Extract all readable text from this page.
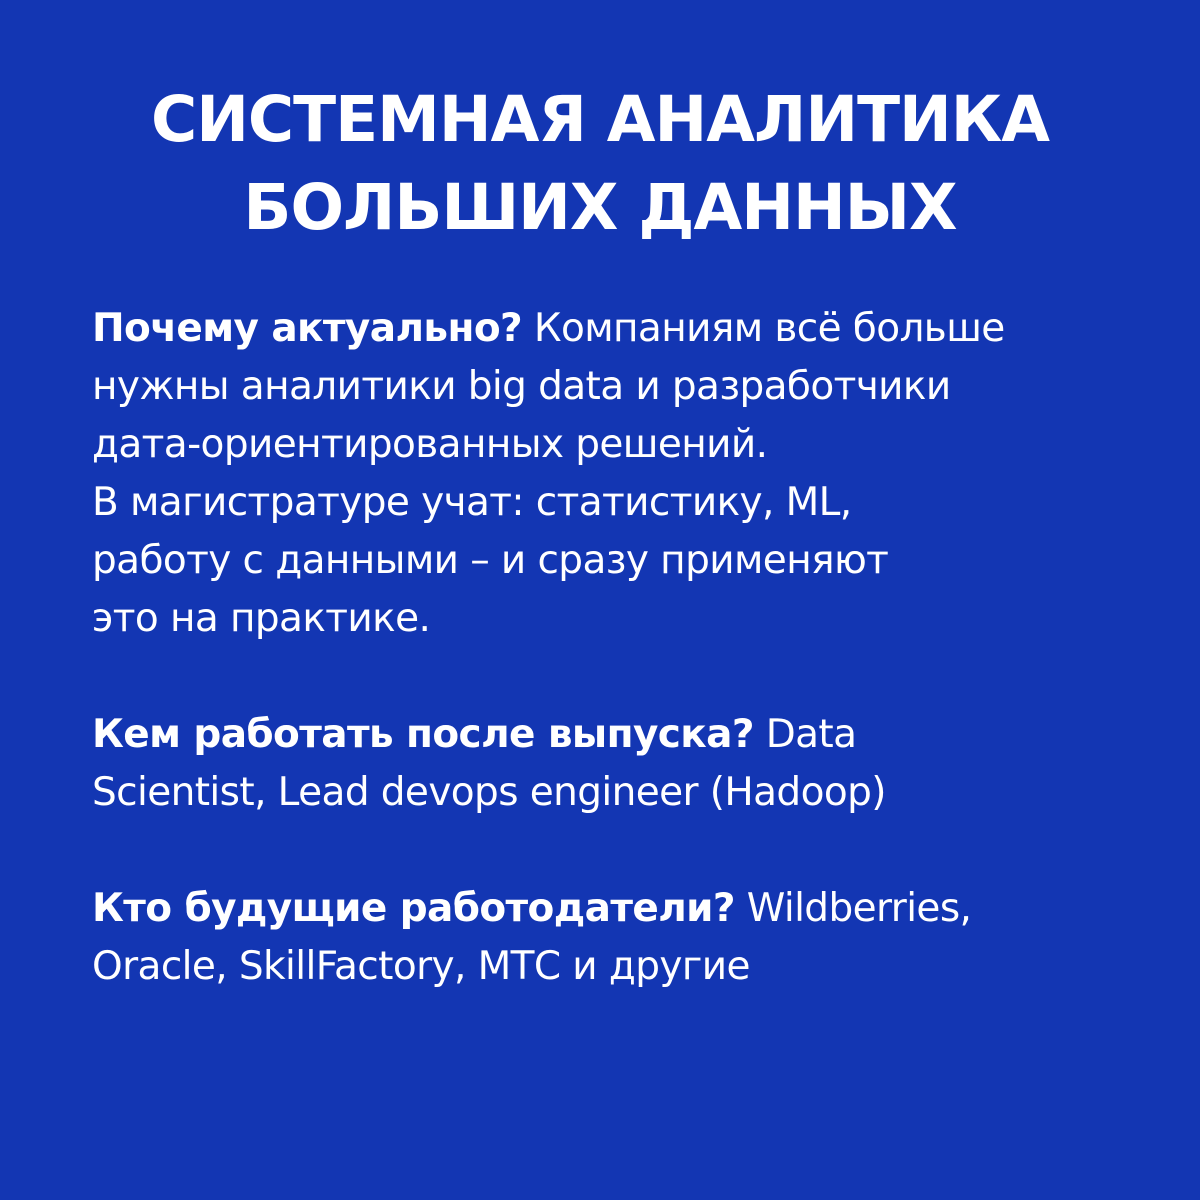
СИСТЕМНАЯ АНАЛИТИКА
БОЛЬШИХ ДАННЫХ

Почему актуально? Компаниям всё больше
нужны аналитики big data и разработчики
дата-ориентированных решений.
В магистратуре учат: статистику, ML,
работу с данными – и сразу применяют
это на практике.

Кем работать после выпуска? Data
Scientist, Lead devops engineer (Hadoop)

Кто будущие работодатели? Wildberries,
Oracle, SkillFactory, МТС и другие
